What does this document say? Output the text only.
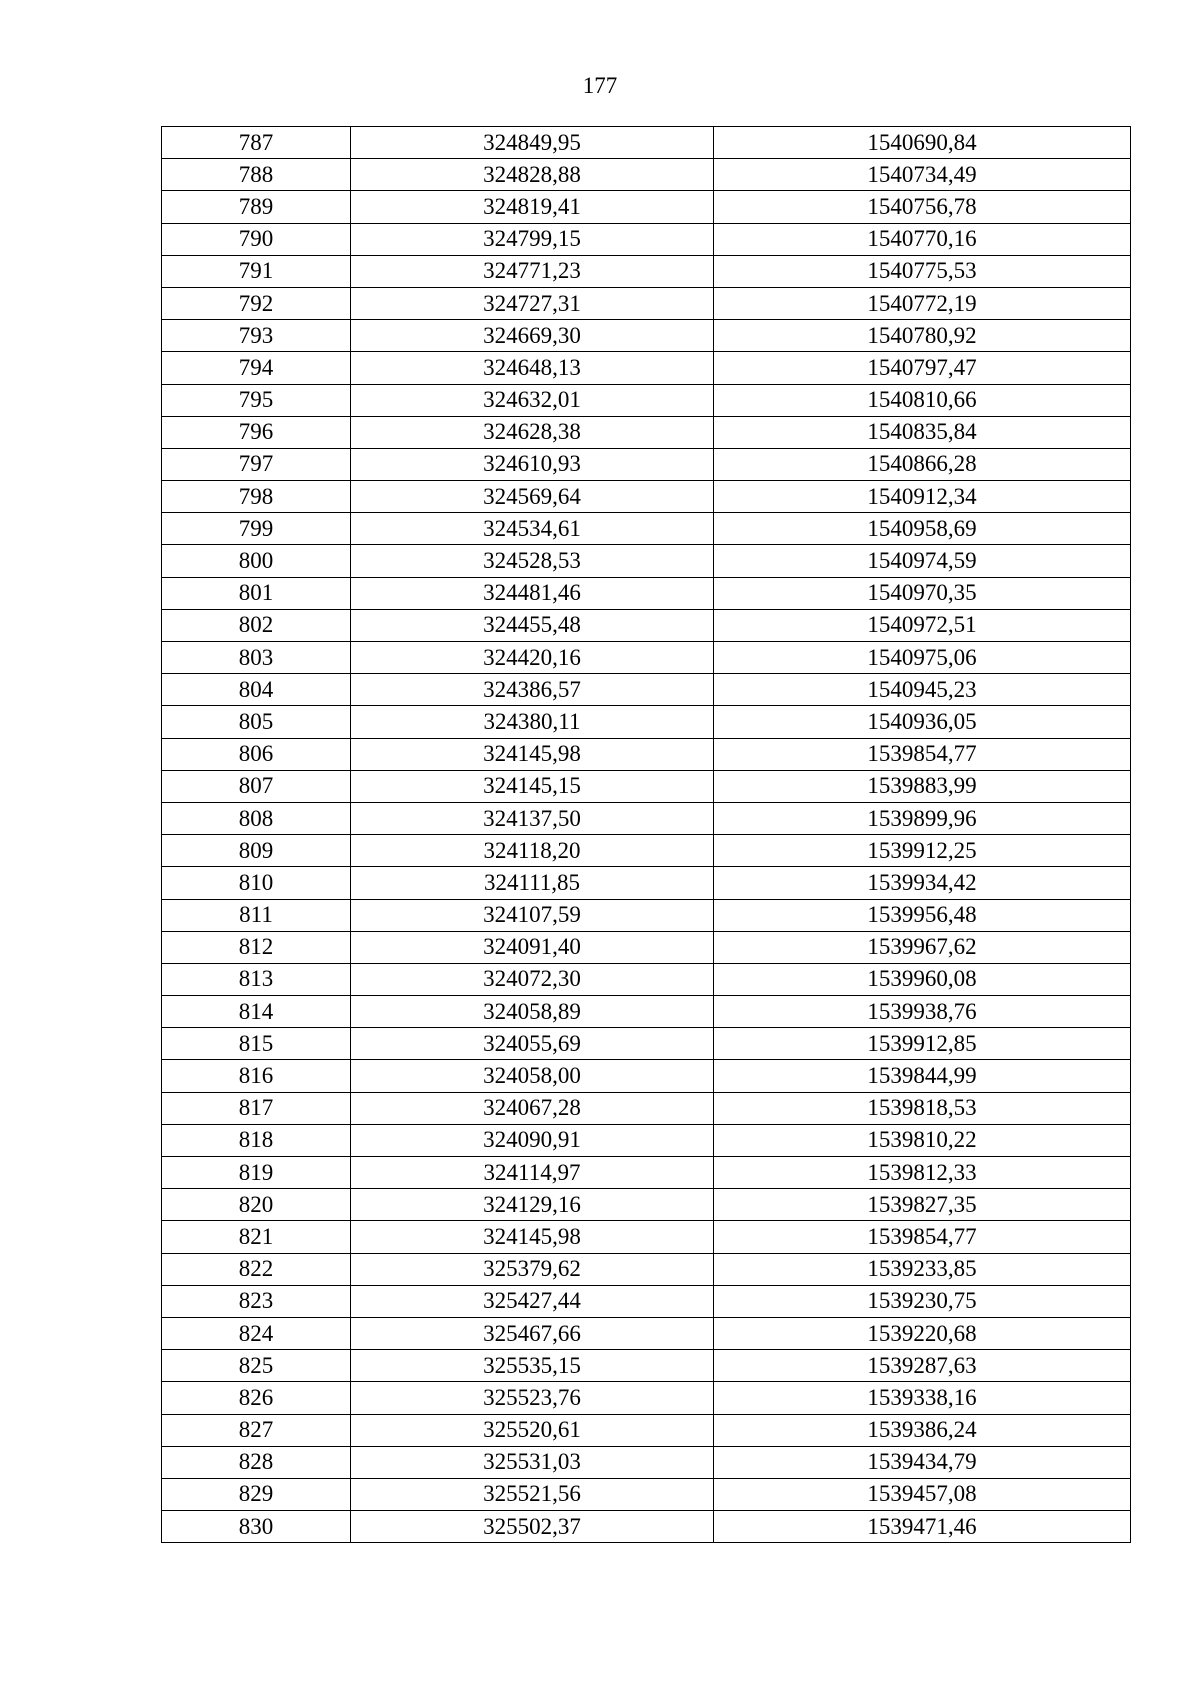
177
787	324849,95	1540690,84
788	324828,88	1540734,49
789	324819,41	1540756,78
790	324799,15	1540770,16
791	324771,23	1540775,53
792	324727,31	1540772,19
793	324669,30	1540780,92
794	324648,13	1540797,47
795	324632,01	1540810,66
796	324628,38	1540835,84
797	324610,93	1540866,28
798	324569,64	1540912,34
799	324534,61	1540958,69
800	324528,53	1540974,59
801	324481,46	1540970,35
802	324455,48	1540972,51
803	324420,16	1540975,06
804	324386,57	1540945,23
805	324380,11	1540936,05
806	324145,98	1539854,77
807	324145,15	1539883,99
808	324137,50	1539899,96
809	324118,20	1539912,25
810	324111,85	1539934,42
811	324107,59	1539956,48
812	324091,40	1539967,62
813	324072,30	1539960,08
814	324058,89	1539938,76
815	324055,69	1539912,85
816	324058,00	1539844,99
817	324067,28	1539818,53
818	324090,91	1539810,22
819	324114,97	1539812,33
820	324129,16	1539827,35
821	324145,98	1539854,77
822	325379,62	1539233,85
823	325427,44	1539230,75
824	325467,66	1539220,68
825	325535,15	1539287,63
826	325523,76	1539338,16
827	325520,61	1539386,24
828	325531,03	1539434,79
829	325521,56	1539457,08
830	325502,37	1539471,46
